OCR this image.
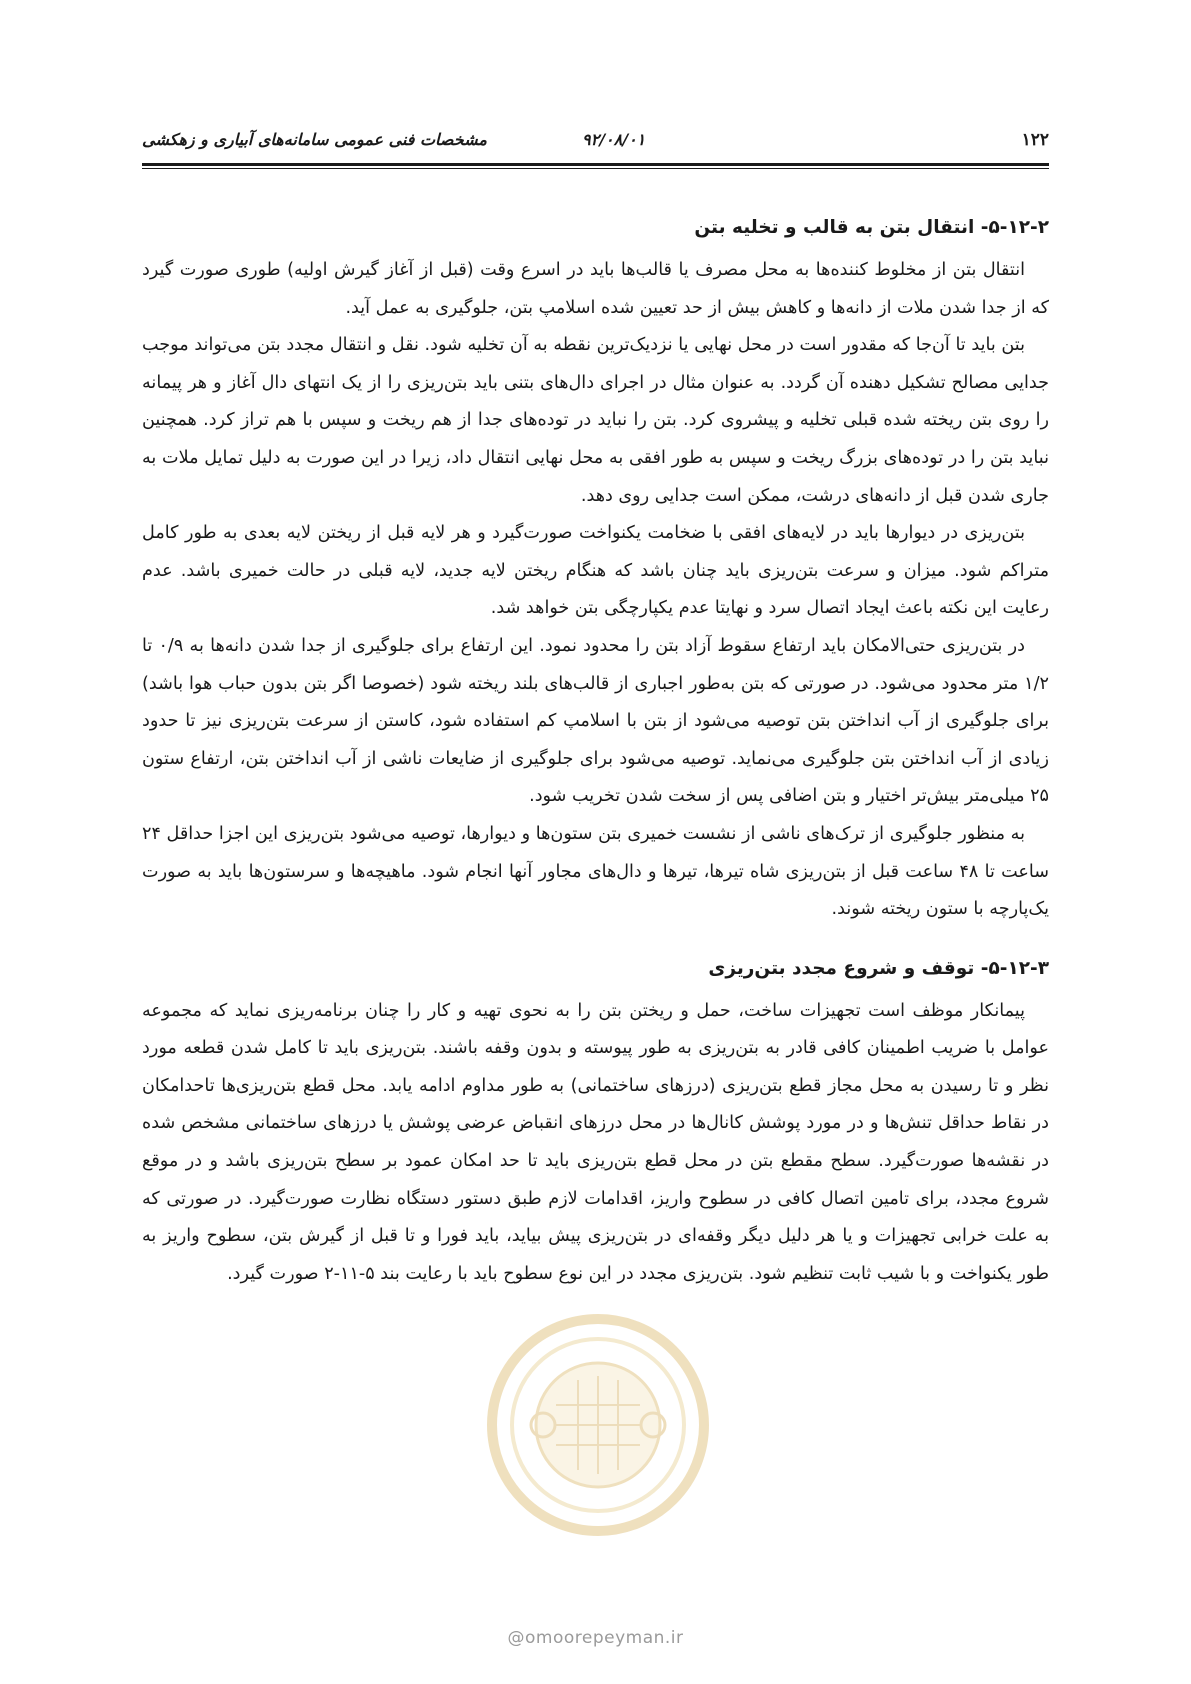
مشخصات فنی عمومی سامانه‌های آبیاری و زهکشی	۹۲/۰۸/۰۱	۱۲۲
۵-۱۲-۲- انتقال بتن به قالب و تخلیه بتن

انتقال بتن از مخلوط کننده‌ها به محل مصرف یا قالب‌ها باید در اسرع وقت (قبل از آغاز گیرش اولیه) طوری صورت گیرد که از جدا شدن ملات از دانه‌ها و کاهش بیش از حد تعیین شده اسلامپ بتن، جلوگیری به عمل آید.

بتن باید تا آن‌جا که مقدور است در محل نهایی یا نزدیک‌ترین نقطه به آن تخلیه شود. نقل و انتقال مجدد بتن می‌تواند موجب جدایی مصالح تشکیل دهنده آن گردد. به عنوان مثال در اجرای دال‌های بتنی باید بتن‌ریزی را از یک انتهای دال آغاز و هر پیمانه را روی بتن ریخته شده قبلی تخلیه و پیشروی کرد. بتن را نباید در توده‌های جدا از هم ریخت و سپس با هم تراز کرد. همچنین نباید بتن را در توده‌های بزرگ ریخت و سپس به طور افقی به محل نهایی انتقال داد، زیرا در این صورت به دلیل تمایل ملات به جاری شدن قبل از دانه‌های درشت، ممکن است جدایی روی دهد.

بتن‌ریزی در دیوارها باید در لایه‌های افقی با ضخامت یکنواخت صورت‌گیرد و هر لایه قبل از ریختن لایه بعدی به طور کامل متراکم شود. میزان و سرعت بتن‌ریزی باید چنان باشد که هنگام ریختن لایه جدید، لایه قبلی در حالت خمیری باشد. عدم رعایت این نکته باعث ایجاد اتصال سرد و نهایتا عدم یکپارچگی بتن خواهد شد.

در بتن‌ریزی حتی‌الامکان باید ارتفاع سقوط آزاد بتن را محدود نمود. این ارتفاع برای جلوگیری از جدا شدن دانه‌ها به ۰/۹ تا ۱/۲ متر محدود می‌شود. در صورتی که بتن به‌طور اجباری از قالب‌های بلند ریخته شود (خصوصا اگر بتن بدون حباب هوا باشد) برای جلوگیری از آب انداختن بتن توصیه می‌شود از بتن با اسلامپ کم استفاده شود، کاستن از سرعت بتن‌ریزی نیز تا حدود زیادی از آب انداختن بتن جلوگیری می‌نماید. توصیه می‌شود برای جلوگیری از ضایعات ناشی از آب انداختن بتن، ارتفاع ستون ۲۵ میلی‌متر بیش‌تر اختیار و بتن اضافی پس از سخت شدن تخریب شود.

به منظور جلوگیری از ترک‌های ناشی از نشست خمیری بتن ستون‌ها و دیوارها، توصیه می‌شود بتن‌ریزی این اجزا حداقل ۲۴ ساعت تا ۴۸ ساعت قبل از بتن‌ریزی شاه تیرها، تیرها و دال‌های مجاور آنها انجام شود. ماهیچه‌ها و سرستون‌ها باید به صورت یک‌پارچه با ستون ریخته شوند.

۵-۱۲-۳- توقف و شروع مجدد بتن‌ریزی

پیمانکار موظف است تجهیزات ساخت، حمل و ریختن بتن را به نحوی تهیه و کار را چنان برنامه‌ریزی نماید که مجموعه عوامل با ضریب اطمینان کافی قادر به بتن‌ریزی به طور پیوسته و بدون وقفه باشند. بتن‌ریزی باید تا کامل شدن قطعه مورد نظر و تا رسیدن به محل مجاز قطع بتن‌ریزی (درزهای ساختمانی) به طور مداوم ادامه یابد. محل قطع بتن‌ریزی‌ها تاحدامکان در نقاط حداقل تنش‌ها و در مورد پوشش کانال‌ها در محل درزهای انقباض عرضی پوشش یا درزهای ساختمانی مشخص شده در نقشه‌ها صورت‌گیرد. سطح مقطع بتن در محل قطع بتن‌ریزی باید تا حد امکان عمود بر سطح بتن‌ریزی باشد و در موقع شروع مجدد، برای تامین اتصال کافی در سطوح واریز، اقدامات لازم طبق دستور دستگاه نظارت صورت‌گیرد. در صورتی که به علت خرابی تجهیزات و یا هر دلیل دیگر وقفه‌ای در بتن‌ریزی پیش بیاید، باید فورا و تا قبل از گیرش بتن، سطوح واریز به طور یکنواخت و با شیب ثابت تنظیم شود. بتن‌ریزی مجدد در این نوع سطوح باید با رعایت بند ۵-۱۱-۲ صورت گیرد.

@omoorepeyman.ir
